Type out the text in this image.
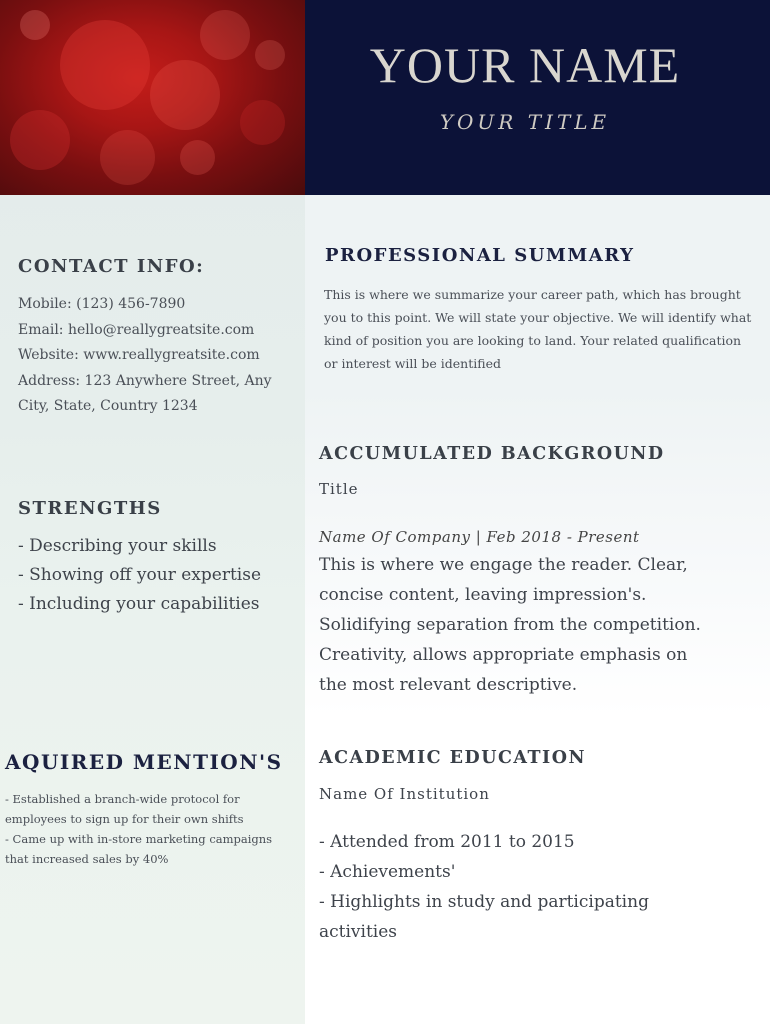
YOUR NAME
YOUR TITLE
CONTACT INFO:
Mobile: (123) 456-7890
Email: hello@reallygreatsite.com
Website: www.reallygreatsite.com
Address: 123 Anywhere Street, Any
City, State, Country 1234
STRENGTHS
- Describing your skills
- Showing off your expertise
- Including your capabilities
AQUIRED MENTION'S
- Established a branch-wide protocol for
employees to sign up for their own shifts
- Came up with in-store marketing campaigns
that increased sales by 40%
PROFESSIONAL SUMMARY
This is where we summarize your career path, which has brought
you to this point. We will state your objective. We will identify what
kind of position you are looking to land. Your related qualification
or interest will be identified
ACCUMULATED BACKGROUND
Title
Name Of Company | Feb 2018 - Present
This is where we engage the reader. Clear,
concise content, leaving impression's.
Solidifying separation from the competition.
Creativity, allows appropriate emphasis on
the most relevant descriptive.
ACADEMIC EDUCATION
Name Of Institution
- Attended from 2011 to 2015
- Achievements'
- Highlights in study and participating
activities
